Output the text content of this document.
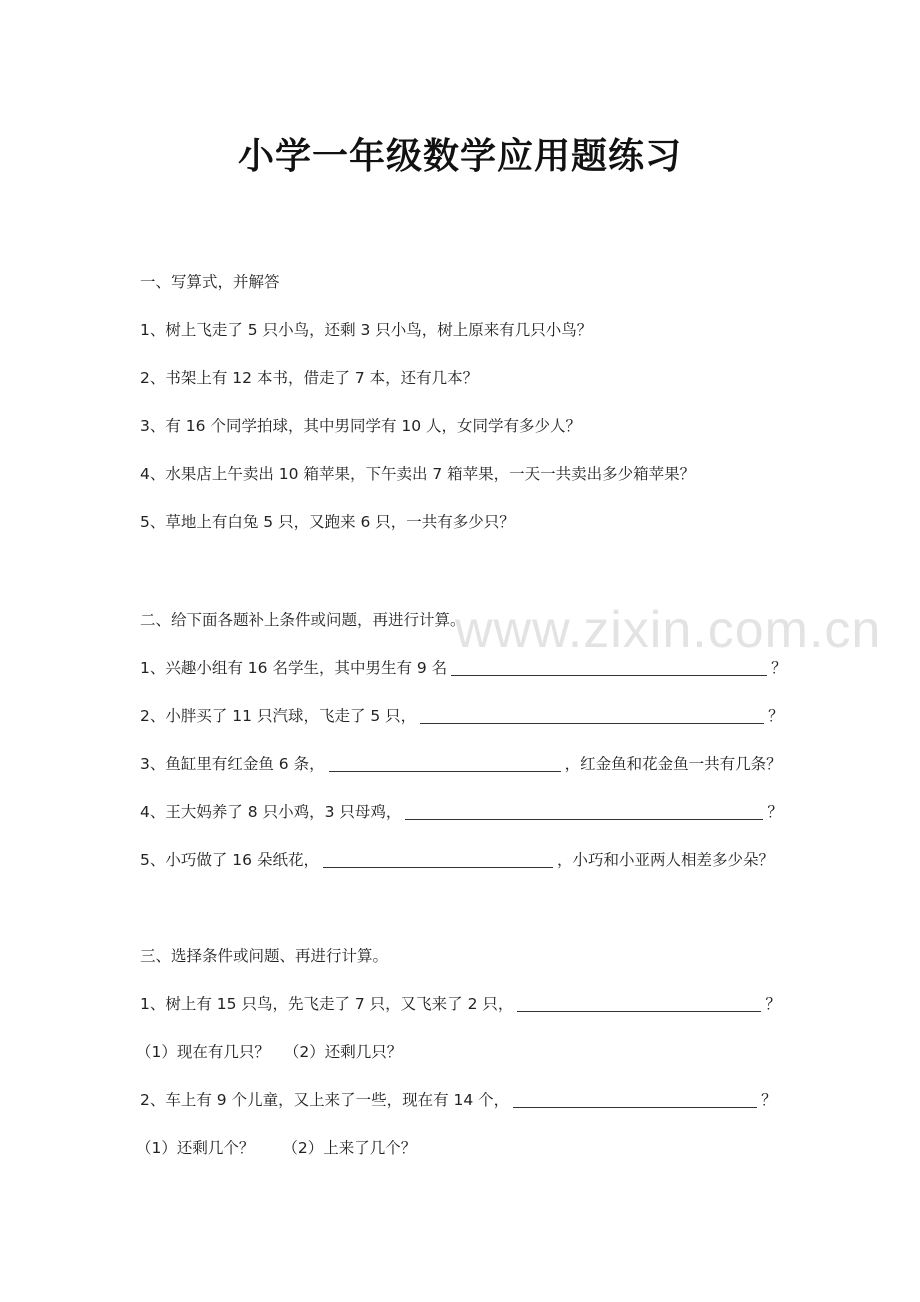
www.zixin.com.cn
小学一年级数学应用题练习
一、写算式，并解答
1、树上飞走了 5 只小鸟，还剩 3 只小鸟，树上原来有几只小鸟？
2、书架上有 12 本书，借走了 7 本，还有几本？
3、有 16 个同学拍球，其中男同学有 10 人，女同学有多少人？
4、水果店上午卖出 10 箱苹果，下午卖出 7 箱苹果，一天一共卖出多少箱苹果？
5、草地上有白兔 5 只，又跑来 6 只，一共有多少只？
二、给下面各题补上条件或问题，再进行计算。
1、兴趣小组有 16 名学生，其中男生有 9 名	？
2、小胖买了 11 只汽球，飞走了 5 只，	？
3、鱼缸里有红金鱼 6 条，	，红金鱼和花金鱼一共有几条？
4、王大妈养了 8 只小鸡，3 只母鸡，	？
5、小巧做了 16 朵纸花，	，小巧和小亚两人相差多少朵？
三、选择条件或问题、再进行计算。
1、树上有 15 只鸟，先飞走了 7 只，又飞来了 2 只，	？
（1）现在有几只？ （2）还剩几只？
2、车上有 9 个儿童，又上来了一些，现在有 14 个，	？
（1）还剩几个？ （2）上来了几个？
